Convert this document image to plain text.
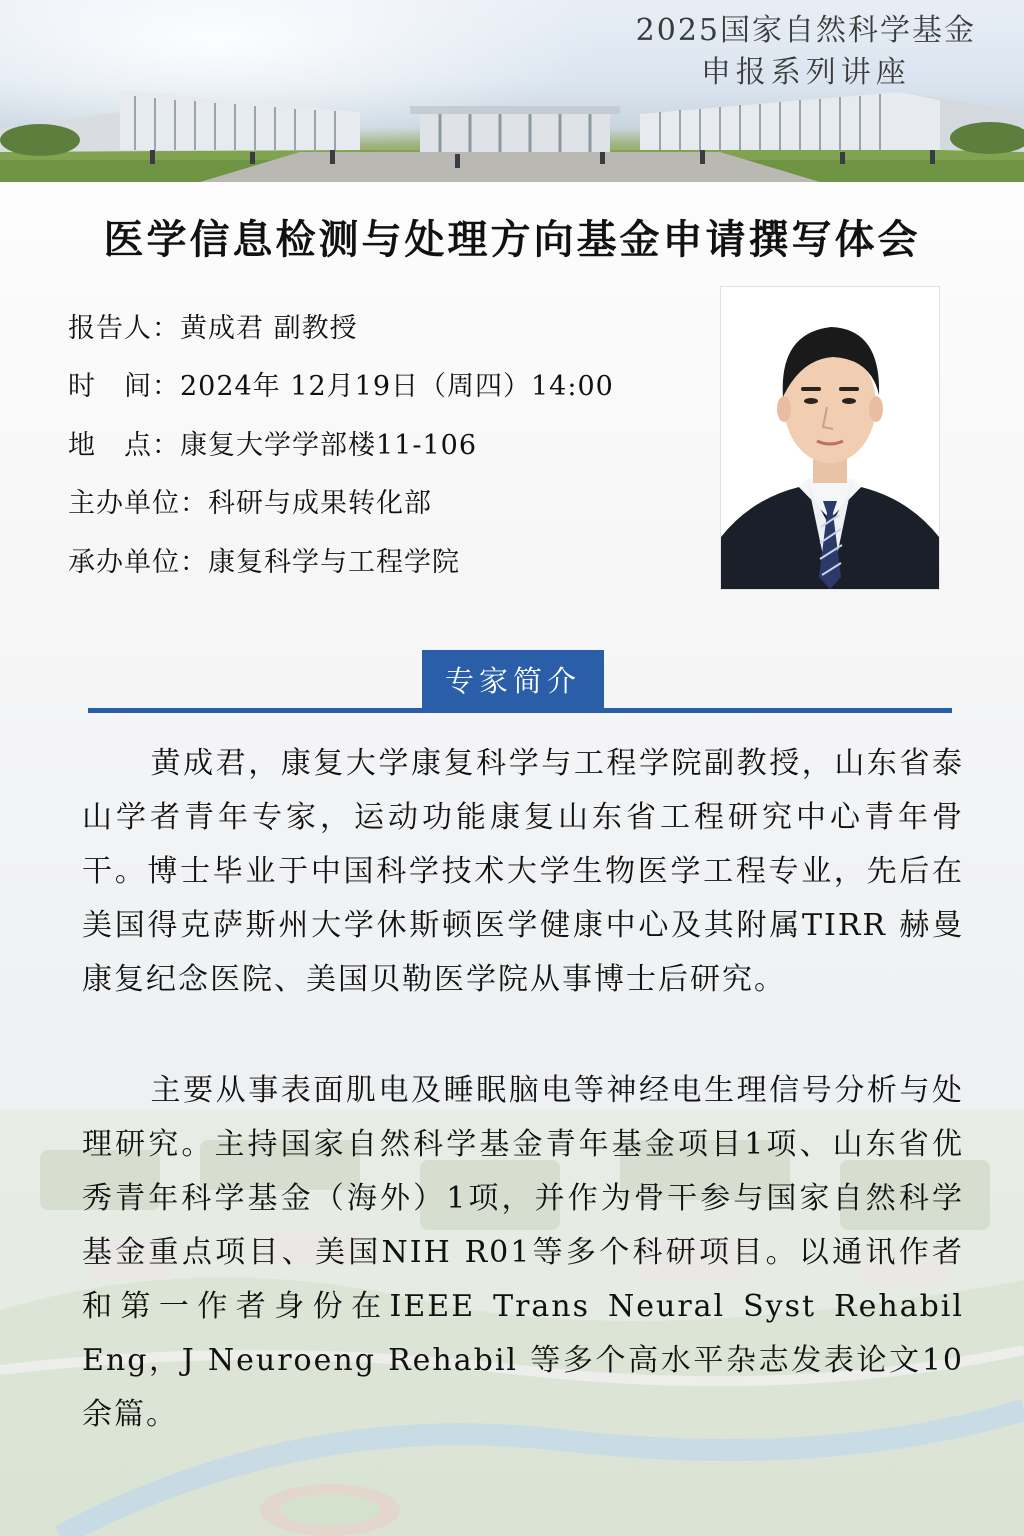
2025国家自然科学基金
申报系列讲座
医学信息检测与处理方向基金申请撰写体会
报告人： 黄成君 副教授
时　间： 2024年 12月19日（周四）14:00
地　点： 康复大学学部楼11-106
主办单位： 科研与成果转化部
承办单位： 康复科学与工程学院
专家简介
黄成君，康复大学康复科学与工程学院副教授，山东省泰山学者青年专家，运动功能康复山东省工程研究中心青年骨干。博士毕业于中国科学技术大学生物医学工程专业，先后在美国得克萨斯州大学休斯顿医学健康中心及其附属TIRR 赫曼康复纪念医院、美国贝勒医学院从事博士后研究。
主要从事表面肌电及睡眠脑电等神经电生理信号分析与处理研究。主持国家自然科学基金青年基金项目1项、山东省优秀青年科学基金（海外）1项，并作为骨干参与国家自然科学基金重点项目、美国NIH R01等多个科研项目。以通讯作者和第一作者身份在IEEE Trans Neural Syst Rehabil Eng，J Neuroeng Rehabil 等多个高水平杂志发表论文10余篇。
